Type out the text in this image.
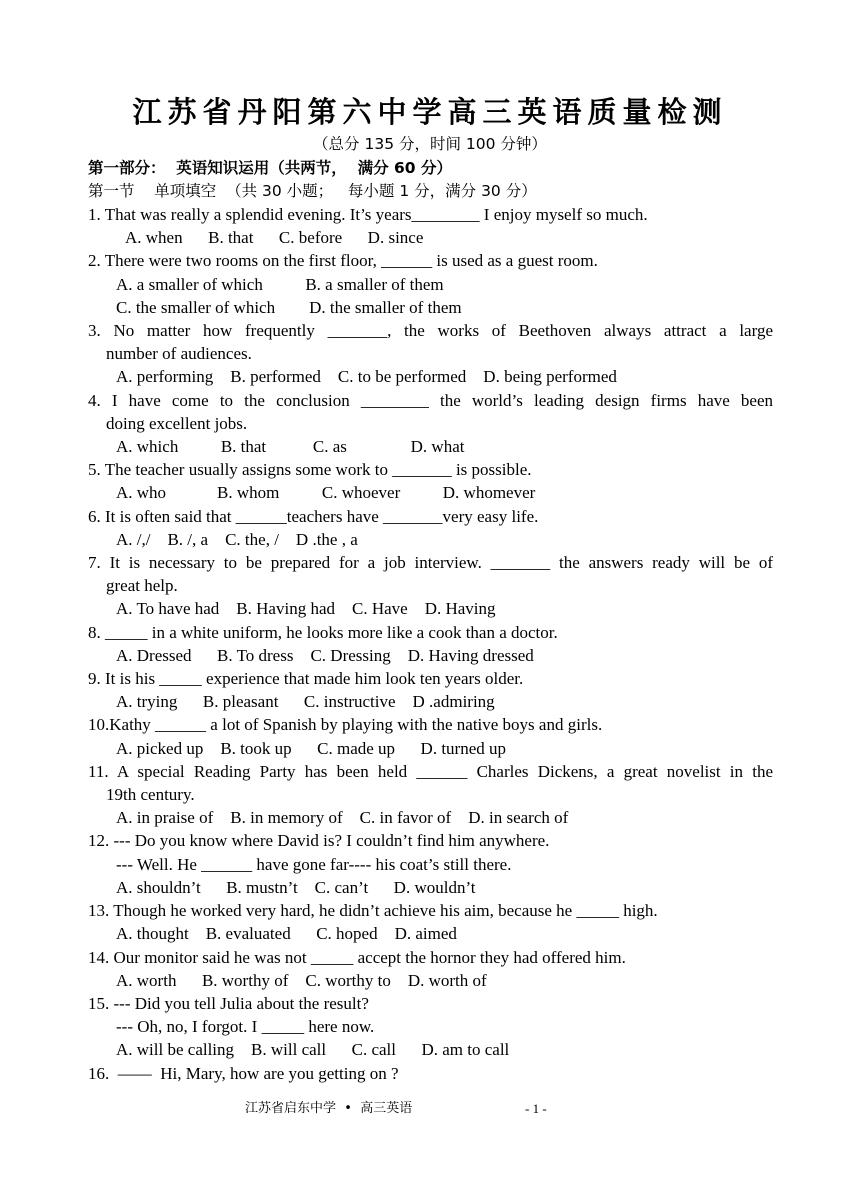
江苏省丹阳第六中学高三英语质量检测
（总分 135 分，时间 100 分钟）
第一部分：  英语知识运用（共两节，  满分 60 分）
第一节    单项填空  （共 30 小题；   每小题 1 分，满分 30 分）
1. That was really a splendid evening. It’s years________ I enjoy myself so much.
A. when      B. that      C. before      D. since
2. There were two rooms on the first floor, ______ is used as a guest room.
A. a smaller of which          B. a smaller of them
C. the smaller of which        D. the smaller of them
3. No matter how frequently _______, the works of Beethoven always attract a large
number of audiences.
A. performing    B. performed    C. to be performed    D. being performed
4. I have come to the conclusion ________ the world’s leading design firms have been
doing excellent jobs.
A. which          B. that           C. as               D. what
5. The teacher usually assigns some work to _______ is possible.
A. who            B. whom          C. whoever          D. whomever
6. It is often said that ______teachers have _______very easy life.
A. /,/    B. /, a    C. the, /    D .the , a
7. It is necessary to be prepared for a job interview. _______ the answers ready will be of
great help.
A. To have had    B. Having had    C. Have    D. Having
8. _____ in a white uniform, he looks more like a cook than a doctor.
A. Dressed      B. To dress    C. Dressing    D. Having dressed
9. It is his _____ experience that made him look ten years older.
A. trying      B. pleasant      C. instructive    D .admiring
10.Kathy ______ a lot of Spanish by playing with the native boys and girls.
A. picked up    B. took up      C. made up      D. turned up
11. A special Reading Party has been held ______ Charles Dickens, a great novelist in the
19th century.
A. in praise of    B. in memory of    C. in favor of    D. in search of
12. --- Do you know where David is? I couldn’t find him anywhere.
--- Well. He ______ have gone far---- his coat’s still there.
A. shouldn’t      B. mustn’t    C. can’t      D. wouldn’t
13. Though he worked very hard, he didn’t achieve his aim, because he _____ high.
A. thought    B. evaluated      C. hoped    D. aimed
14. Our monitor said he was not _____ accept the hornor they had offered him.
A. worth      B. worthy of    C. worthy to    D. worth of
15. --- Did you tell Julia about the result?
--- Oh, no, I forgot. I _____ here now.
A. will be calling    B. will call      C. call      D. am to call
16.  ——  Hi, Mary, how are you getting on ?
江苏省启东中学  •  高三英语	- 1 -
